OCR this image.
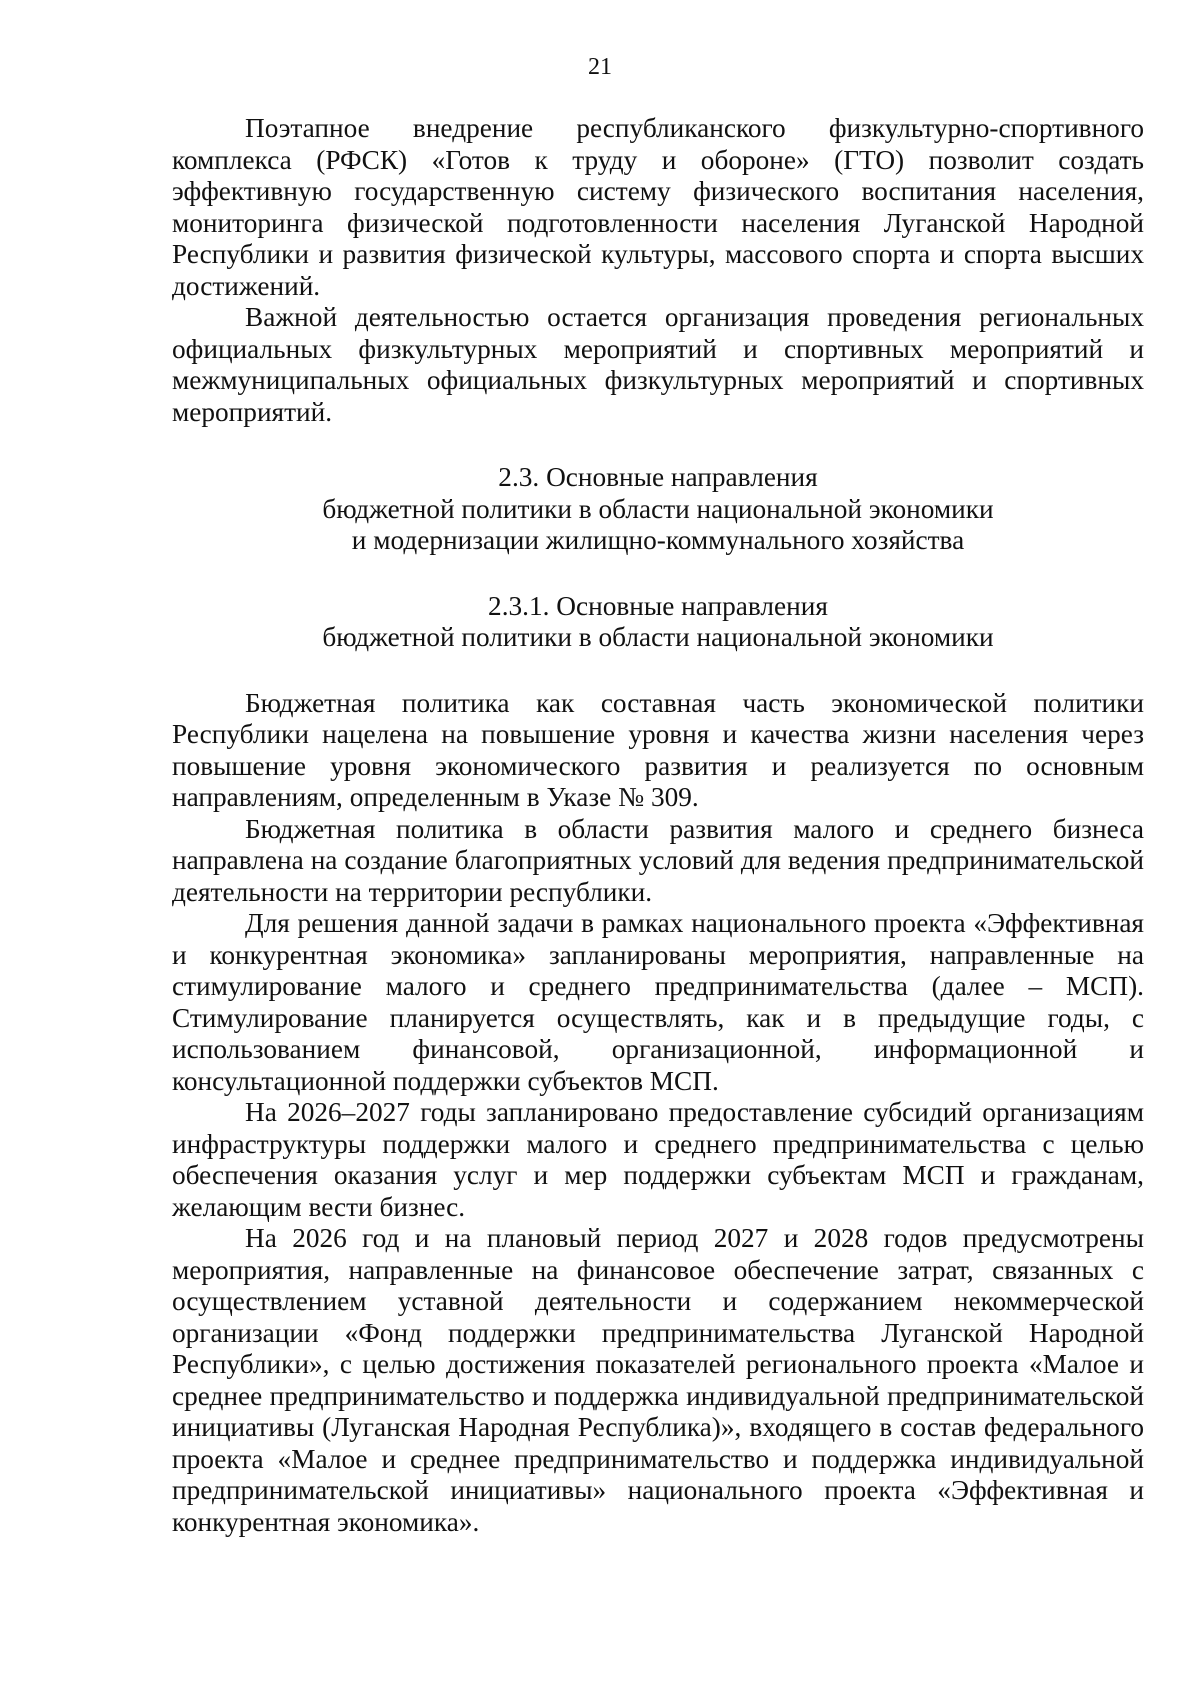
21

Поэтапное внедрение республиканского физкультурно-спортивного комплекса (РФСК) «Готов к труду и обороне» (ГТО) позволит создать эффективную государственную систему физического воспитания населения, мониторинга физической подготовленности населения Луганской Народной Республики и развития физической культуры, массового спорта и спорта высших достижений.

Важной деятельностью остается организация проведения региональных официальных физкультурных мероприятий и спортивных мероприятий и межмуниципальных официальных физкультурных мероприятий и спортивных мероприятий.

2.3. Основные направления
бюджетной политики в области национальной экономики
и модернизации жилищно-коммунального хозяйства
2.3.1. Основные направления
бюджетной политики в области национальной экономики

Бюджетная политика как составная часть экономической политики Республики нацелена на повышение уровня и качества жизни населения через повышение уровня экономического развития и реализуется по основным направлениям, определенным в Указе № 309.

Бюджетная политика в области развития малого и среднего бизнеса направлена на создание благоприятных условий для ведения предпринимательской деятельности на территории республики.

Для решения данной задачи в рамках национального проекта «Эффективная и конкурентная экономика» запланированы мероприятия, направленные на стимулирование малого и среднего предпринимательства (далее – МСП). Стимулирование планируется осуществлять, как и в предыдущие годы, с использованием финансовой, организационной, информационной и консультационной поддержки субъектов МСП.

На 2026–2027 годы запланировано предоставление субсидий организациям инфраструктуры поддержки малого и среднего предпринимательства с целью обеспечения оказания услуг и мер поддержки субъектам МСП и гражданам, желающим вести бизнес.

На 2026 год и на плановый период 2027 и 2028 годов предусмотрены мероприятия, направленные на финансовое обеспечение затрат, связанных с осуществлением уставной деятельности и содержанием некоммерческой организации «Фонд поддержки предпринимательства Луганской Народной Республики», с целью достижения показателей регионального проекта «Малое и среднее предпринимательство и поддержка индивидуальной предпринимательской инициативы (Луганская Народная Республика)», входящего в состав федерального проекта «Малое и среднее предпринимательство и поддержка индивидуальной предпринимательской инициативы» национального проекта «Эффективная и конкурентная экономика».
